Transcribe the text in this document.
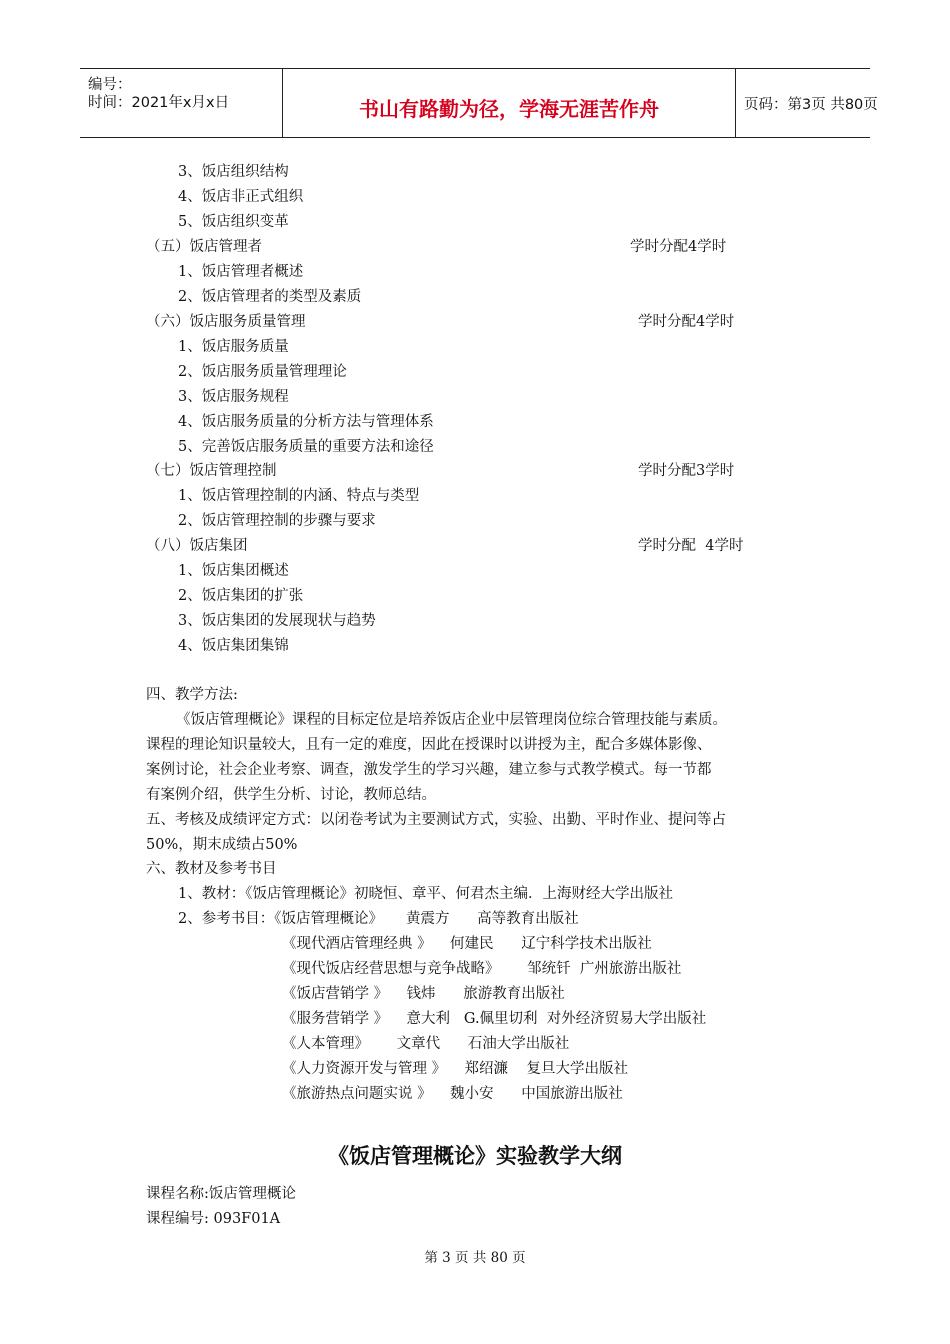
编号：
时间：2021年x月x日	书山有路勤为径，学海无涯苦作舟	页码：第3页 共80页
3、饭店组织结构
4、饭店非正式组织
5、饭店组织变革
（五）饭店管理者	学时分配4学时
1、饭店管理者概述
2、饭店管理者的类型及素质
（六）饭店服务质量管理	学时分配4学时
1、饭店服务质量
2、饭店服务质量管理理论
3、饭店服务规程
4、饭店服务质量的分析方法与管理体系
5、完善饭店服务质量的重要方法和途径
（七）饭店管理控制	学时分配3学时
1、饭店管理控制的内涵、特点与类型
2、饭店管理控制的步骤与要求
（八）饭店集团	学时分配  4学时
1、饭店集团概述
2、饭店集团的扩张
3、饭店集团的发展现状与趋势
4、饭店集团集锦
四、教学方法:
《饭店管理概论》课程的目标定位是培养饭店企业中层管理岗位综合管理技能与素质。
课程的理论知识量较大，且有一定的难度，因此在授课时以讲授为主，配合多媒体影像、
案例讨论，社会企业考察、调查，激发学生的学习兴趣，建立参与式教学模式。每一节都
有案例介绍，供学生分析、讨论，教师总结。
五、考核及成绩评定方式：以闭卷考试为主要测试方式，实验、出勤、平时作业、提问等占
50%，期末成绩占50%
六、教材及参考书目
1、教材：《饭店管理概论》初晓恒、章平、何君杰主编．上海财经大学出版社
2、参考书目：《饭店管理概论》     黄震方      高等教育出版社
《现代酒店管理经典 》    何建民      辽宁科学技术出版社
《现代饭店经营思想与竞争战略》      邹统钎  广州旅游出版社
《饭店营销学 》    钱炜      旅游教育出版社
《服务营销学 》    意大利   G.佩里切利  对外经济贸易大学出版社
《人本管理》      文章代      石油大学出版社
《人力资源开发与管理 》    郑绍濂    复旦大学出版社
《旅游热点问题实说 》    魏小安      中国旅游出版社
《饭店管理概论》实验教学大纲
课程名称:饭店管理概论
课程编号: 093F01A
第 3 页 共 80 页
